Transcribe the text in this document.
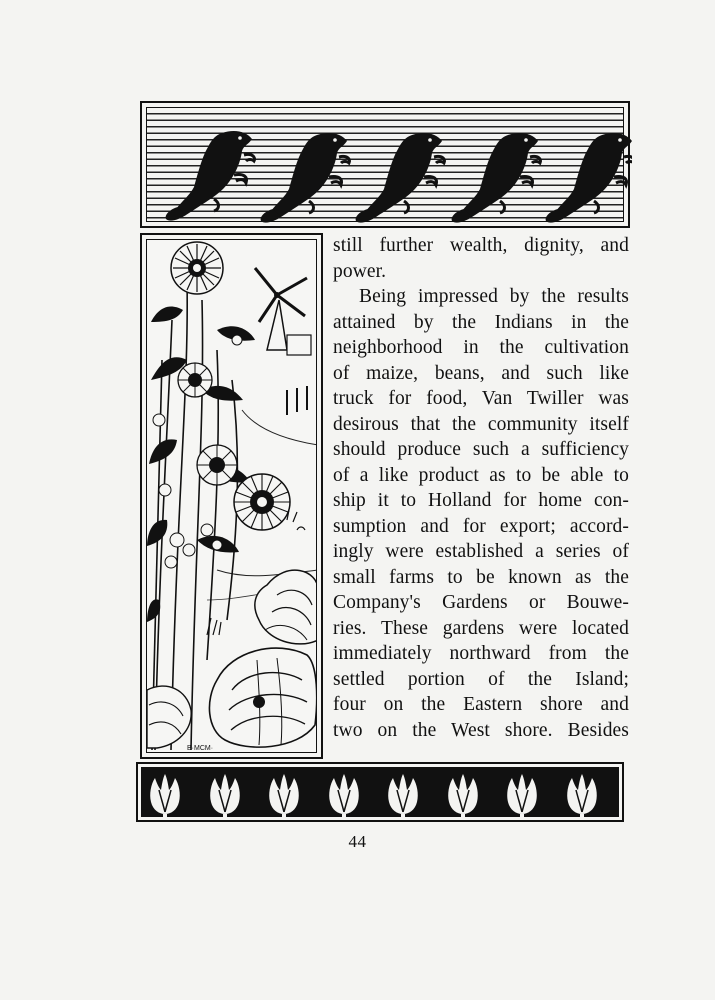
B·MCM·
still further wealth, dignity, and
power.
Being impressed by the results
attained by the Indians in the
neighborhood in the cultivation
of maize, beans, and such like
truck for food, Van Twiller was
desirous that the community itself
should produce such a sufficiency
of a like product as to be able to
ship it to Holland for home con-
sumption and for export; accord-
ingly were established a series of
small farms to be known as the
Company's Gardens or Bouwe-
ries. These gardens were located
immediately northward from the
settled portion of the Island;
four on the Eastern shore and
two on the West shore. Besides
44
